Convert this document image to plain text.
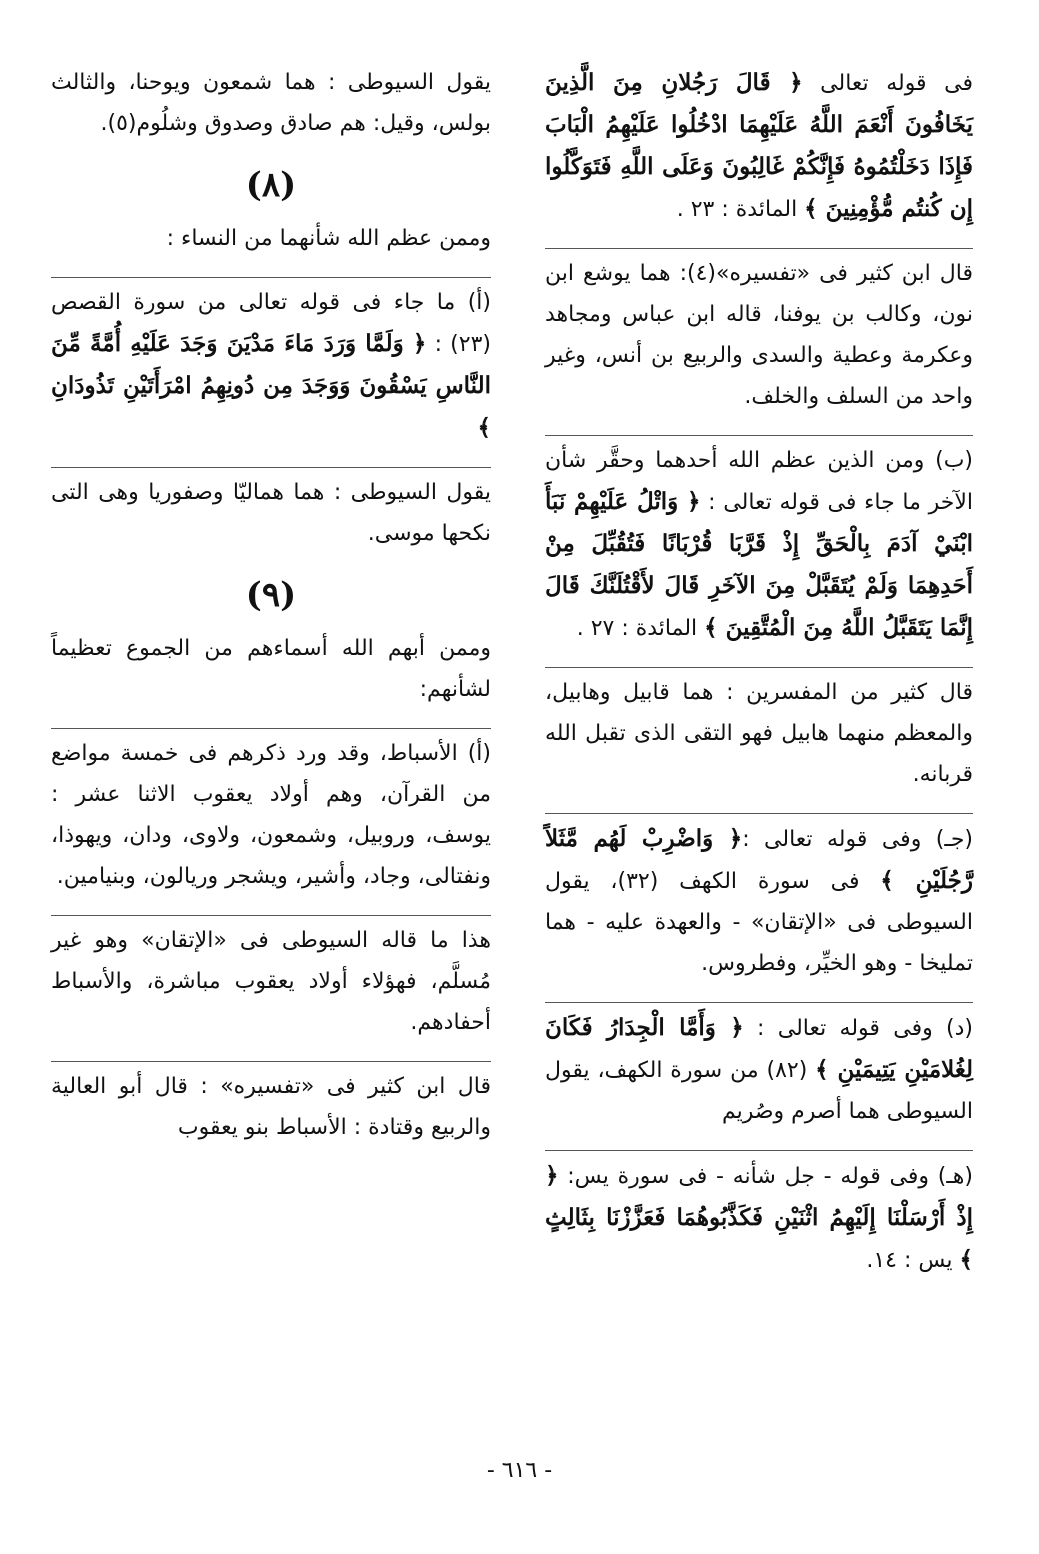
فى قوله تعالى ﴿ قَالَ رَجُلانِ مِنَ الَّذِينَ يَخَافُونَ أَنْعَمَ اللَّهُ عَلَيْهِمَا ادْخُلُوا عَلَيْهِمُ الْبَابَ فَإِذَا دَخَلْتُمُوهُ فَإِنَّكُمْ غَالِبُونَ وَعَلَى اللَّهِ فَتَوَكَّلُوا إِن كُنتُم مُّؤْمِنِينَ ﴾ المائدة : ٢٣ .

قال ابن كثير فى «تفسيره»(٤): هما يوشع ابن نون، وكالب بن يوفنا، قاله ابن عباس ومجاهد وعكرمة وعطية والسدى والربيع بن أنس، وغير واحد من السلف والخلف.

(ب) ومن الذين عظم الله أحدهما وحقَّر شأن الآخر ما جاء فى قوله تعالى : ﴿ وَاتْلُ عَلَيْهِمْ نَبَأَ ابْنَيْ آدَمَ بِالْحَقِّ إِذْ قَرَّبَا قُرْبَانًا فَتُقُبِّلَ مِنْ أَحَدِهِمَا وَلَمْ يُتَقَبَّلْ مِنَ الآخَرِ قَالَ لأَقْتُلَنَّكَ قَالَ إِنَّمَا يَتَقَبَّلُ اللَّهُ مِنَ الْمُتَّقِينَ ﴾ المائدة : ٢٧ .

قال كثير من المفسرين : هما قابيل وهابيل، والمعظم منهما هابيل فهو التقى الذى تقبل الله قربانه.

(جـ) وفى قوله تعالى :﴿ وَاضْرِبْ لَهُم مَّثَلاً رَّجُلَيْنِ ﴾ فى سورة الكهف (٣٢)، يقول السيوطى فى «الإتقان» - والعهدة عليه - هما تمليخا - وهو الخيِّر، وفطروس.

(د) وفى قوله تعالى : ﴿ وَأَمَّا الْجِدَارُ فَكَانَ لِغُلامَيْنِ يَتِيمَيْنِ ﴾ (٨٢) من سورة الكهف، يقول السيوطى هما أصرم وصُريم

(هـ) وفى قوله - جل شأنه - فى سورة يس: ﴿ إِذْ أَرْسَلْنَا إِلَيْهِمُ اثْنَيْنِ فَكَذَّبُوهُمَا فَعَزَّزْنَا بِثَالِثٍ ﴾ يس : ١٤.

يقول السيوطى : هما شمعون ويوحنا، والثالث بولس، وقيل: هم صادق وصدوق وشلُوم(٥).

(٨)

وممن عظم الله شأنهما من النساء :

(أ) ما جاء فى قوله تعالى من سورة القصص (٢٣) : ﴿ وَلَمَّا وَرَدَ مَاءَ مَدْيَنَ وَجَدَ عَلَيْهِ أُمَّةً مِّنَ النَّاسِ يَسْقُونَ وَوَجَدَ مِن دُونِهِمُ امْرَأَتَيْنِ تَذُودَانِ ﴾

يقول السيوطى : هما هماليّا وصفوريا وهى التى نكحها موسى.

(٩)

وممن أبهم الله أسماءهم من الجموع تعظيماً لشأنهم:

(أ) الأسباط، وقد ورد ذكرهم فى خمسة مواضع من القرآن، وهم أولاد يعقوب الاثنا عشر : يوسف، وروبيل، وشمعون، ولاوى، ودان، ويهوذا، ونفتالى، وجاد، وأشير، ويشجر وريالون، وبنيامين.

هذا ما قاله السيوطى فى «الإتقان» وهو غير مُسلَّم، فهؤلاء أولاد يعقوب مباشرة، والأسباط أحفادهم.

قال ابن كثير فى «تفسيره» : قال أبو العالية والربيع وقتادة : الأسباط بنو يعقوب

- ٦١٦ -
